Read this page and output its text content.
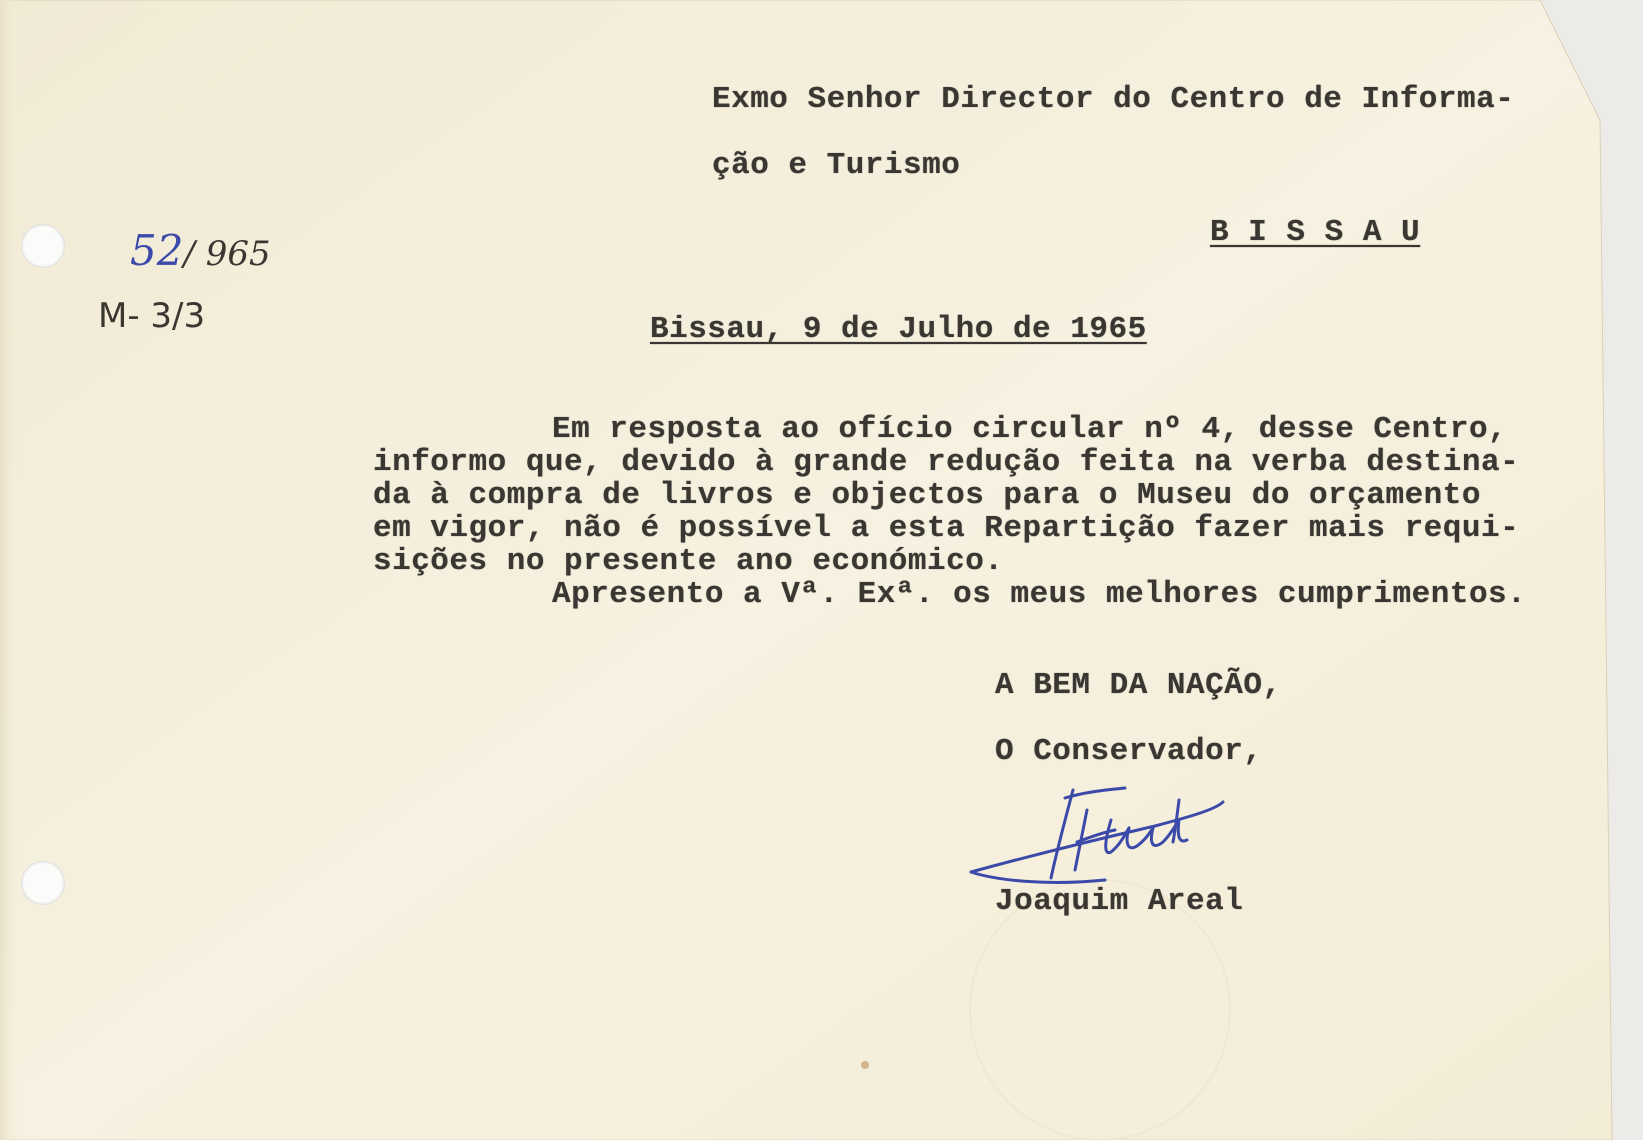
Exmo Senhor Director do Centro de Informa-
ção e Turismo
B I S S A U
52/ 965
M- 3/3	Bissau, 9 de Julho de 1965
Em resposta ao ofício circular nº 4, desse Centro,
informo que, devido à grande redução feita na verba destina-
da à compra de livros e objectos para o Museu do orçamento
em vigor, não é possível a esta Repartição fazer mais requi-
sições no presente ano económico.
Apresento a Vª. Exª. os meus melhores cumprimentos.
A BEM DA NAÇÃO,
O Conservador,
Joaquim Areal
